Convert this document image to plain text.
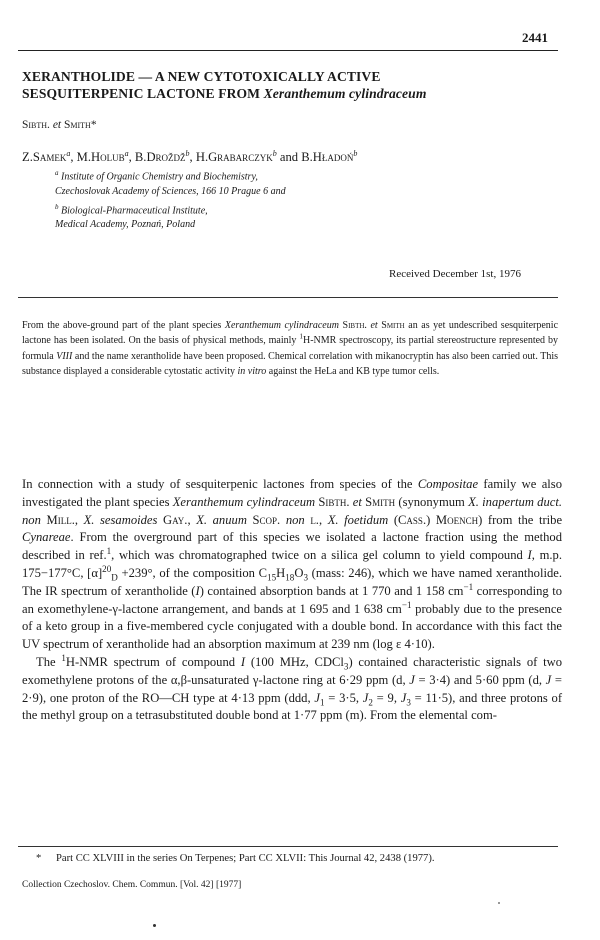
2441
XERANTHOLIDE — A NEW CYTOTOXICALLY ACTIVE
SESQUITERPENIC LACTONE FROM Xeranthemum cylindraceum
Sibth. et Smith*
Z.Samek$^a$, M.Holub$^a$, B.Droždž$^b$, H.Grabarczyk$^b$ and B.Hładoń$^b$
$^a$ Institute of Organic Chemistry and Biochemistry,
Czechoslovak Academy of Sciences, 166 10 Prague 6 and
$^b$ Biological-Pharmaceutical Institute,
Medical Academy, Poznań, Poland
Received December 1st, 1976
From the above-ground part of the plant species Xeranthemum cylindraceum Sibth. et Smith an as yet undescribed sesquiterpenic lactone has been isolated. On the basis of physical methods, mainly $^1$H-NMR spectroscopy, its partial stereostructure represented by formula VIII and the name xerantholide have been proposed. Chemical correlation with mikanocryptin has also been carried out. This substance displayed a considerable cytostatic activity in vitro against the HeLa and KB type tumor cells.

In connection with a study of sesquiterpenic lactones from species of the Compositae family we also investigated the plant species Xeranthemum cylindraceum Sibth. et Smith (synonymum X. inapertum duct. non Mill., X. sesamoides Gay., X. anuum Scop. non l., X. foetidum (Cass.) Moench) from the tribe Cynareae. From the overground part of this species we isolated a lactone fraction using the method described in ref.$^1$, which was chromatographed twice on a silica gel column to yield compound I, m.p. 175−177°C, $[\alpha]^{20}_D +239^\circ$, of the composition $C_{15}H_{18}O_3$ (mass: 246), which we have named xerantholide. The IR spectrum of xerantholide (I) contained absorption bands at 1 770 and 1 158 $cm^{-1}$ corresponding to an exomethylene-γ-lactone arrangement, and bands at 1 695 and 1 638 $cm^{-1}$ probably due to the presence of a keto group in a five-membered cycle conjugated with a double bond. In accordance with this fact the UV spectrum of xerantholide had an absorption maximum at 239 nm (log ε 4·10).

The $^1$H-NMR spectrum of compound I (100 MHz, CDCl$_3$) contained characteristic signals of two exomethylene protons of the α,β-unsaturated γ-lactone ring at 6·29 ppm (d, J = 3·4) and 5·60 ppm (d, J = 2·9), one proton of the RO—CH type at 4·13 ppm (ddd, $J_1 = 3\cdot 5$, $J_2 = 9$, $J_3 = 11\cdot 5$), and three protons of the methyl group on a tetrasubstituted double bond at 1·77 ppm (m). From the elemental com-

* Part CC XLVIII in the series On Terpenes; Part CC XLVII: This Journal 42, 2438 (1977).
Collection Czechoslov. Chem. Commun. [Vol. 42] [1977]
